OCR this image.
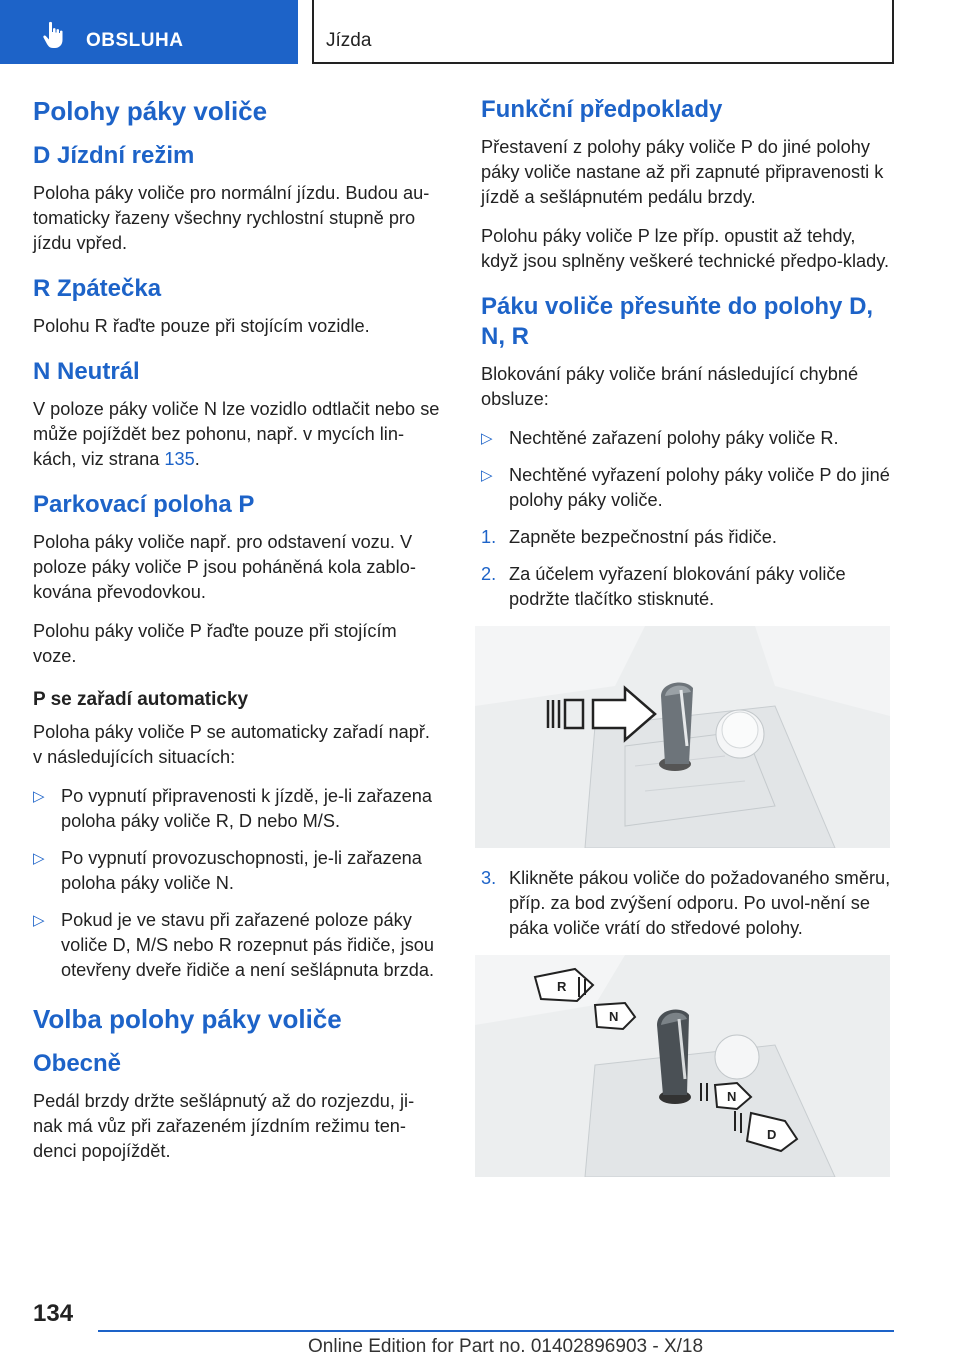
OBSLUHA	Jízda
Polohy páky voliče
D Jízdní režim

Poloha páky voliče pro normální jízdu. Budou au-tomaticky řazeny všechny rychlostní stupně pro jízdu vpřed.

R Zpátečka

Polohu R řaďte pouze při stojícím vozidle.

N Neutrál

V poloze páky voliče N lze vozidlo odtlačit nebo se může pojíždět bez pohonu, např. v mycích lin-kách, viz strana 135.

Parkovací poloha P

Poloha páky voliče např. pro odstavení vozu. V poloze páky voliče P jsou poháněná kola zablo-kována převodovkou.

Polohu páky voliče P řaďte pouze při stojícím voze.

P se zařadí automaticky

Poloha páky voliče P se automaticky zařadí např. v následujících situacích:

▷ Po vypnutí připravenosti k jízdě, je-li zařazena poloha páky voliče R, D nebo M/S.
▷ Po vypnutí provozuschopnosti, je-li zařazena poloha páky voliče N.
▷ Pokud je ve stavu při zařazené poloze páky voliče D, M/S nebo R rozepnut pás řidiče, jsou otevřeny dveře řidiče a není sešlápnuta brzda.
Volba polohy páky voliče
Obecně

Pedál brzdy držte sešlápnutý až do rozjezdu, ji-nak má vůz při zařazeném jízdním režimu ten-denci popojíždět.

Funkční předpoklady

Přestavení z polohy páky voliče P do jiné polohy páky voliče nastane až při zapnuté připravenosti k jízdě a sešlápnutém pedálu brzdy.

Polohu páky voliče P lze příp. opustit až tehdy, když jsou splněny veškeré technické předpo-klady.

Páku voliče přesuňte do polohy D, N, R

Blokování páky voliče brání následující chybné obsluze:

▷ Nechtěné zařazení polohy páky voliče R.
▷ Nechtěné vyřazení polohy páky voliče P do jiné polohy páky voliče.
1. Zapněte bezpečnostní pás řidiče.
2. Za účelem vyřazení blokování páky voliče podržte tlačítko stisknuté.
3. Klikněte pákou voliče do požadovaného směru, příp. za bod zvýšení odporu. Po uvol-nění se páka voliče vrátí do středové polohy.
R
N
N
D
134
Online Edition for Part no. 01402896903 - X/18
